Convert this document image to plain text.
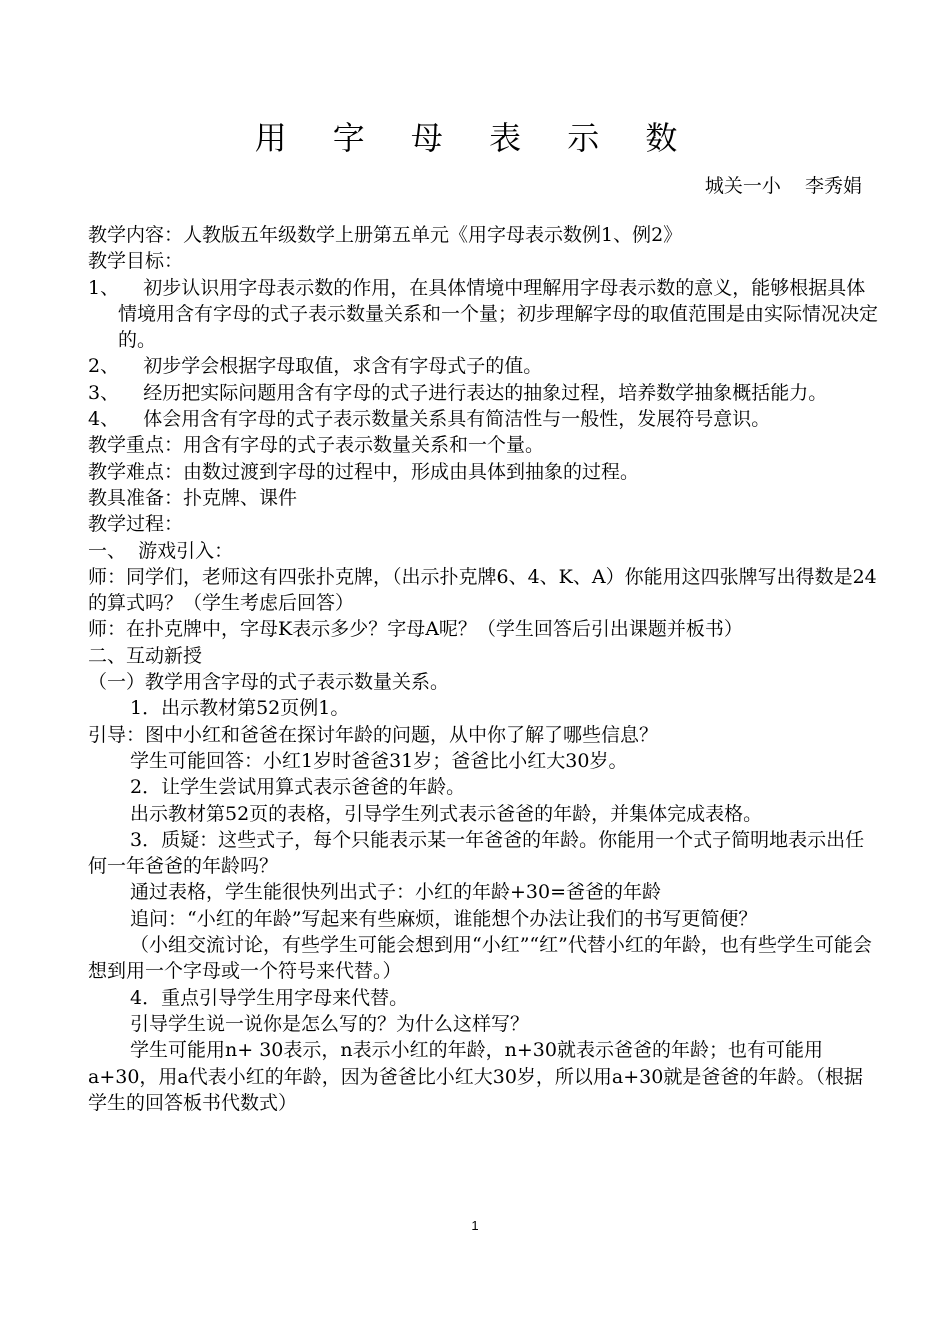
用 字 母 表 示 数
城关一小    李秀娟

教学内容：人教版五年级数学上册第五单元《用字母表示数例1、例2》

教学目标：

1、    初步认识用字母表示数的作用，在具体情境中理解用字母表示数的意义，能够根据具体情境用含有字母的式子表示数量关系和一个量；初步理解字母的取值范围是由实际情况决定的。

2、    初步学会根据字母取值，求含有字母式子的值。

3、    经历把实际问题用含有字母的式子进行表达的抽象过程，培养数学抽象概括能力。

4、    体会用含有字母的式子表示数量关系具有简洁性与一般性，发展符号意识。

教学重点：用含有字母的式子表示数量关系和一个量。

教学难点：由数过渡到字母的过程中，形成由具体到抽象的过程。

教具准备：扑克牌、课件

教学过程：

一、  游戏引入：

师：同学们，老师这有四张扑克牌，（出示扑克牌6、4、K、A）你能用这四张牌写出得数是24的算式吗？（学生考虑后回答）

师：在扑克牌中，字母K表示多少？字母A呢？（学生回答后引出课题并板书）

二、互动新授

（一）教学用含字母的式子表示数量关系。

1．出示教材第52页例1。

引导：图中小红和爸爸在探讨年龄的问题，从中你了解了哪些信息？

学生可能回答：小红1岁时爸爸31岁；爸爸比小红大30岁。

2．让学生尝试用算式表示爸爸的年龄。

出示教材第52页的表格，引导学生列式表示爸爸的年龄，并集体完成表格。

3．质疑：这些式子，每个只能表示某一年爸爸的年龄。你能用一个式子简明地表示出任何一年爸爸的年龄吗？

通过表格，学生能很快列出式子：小红的年龄+30=爸爸的年龄

追问：“小红的年龄”写起来有些麻烦，谁能想个办法让我们的书写更简便？

（小组交流讨论，有些学生可能会想到用“小红”“红”代替小红的年龄，也有些学生可能会想到用一个字母或一个符号来代替。）

4．重点引导学生用字母来代替。

引导学生说一说你是怎么写的？为什么这样写？

学生可能用n+ 30表示，n表示小红的年龄，n+30就表示爸爸的年龄；也有可能用a+30，用a代表小红的年龄，因为爸爸比小红大30岁，所以用a+30就是爸爸的年龄。（根据学生的回答板书代数式）

1
